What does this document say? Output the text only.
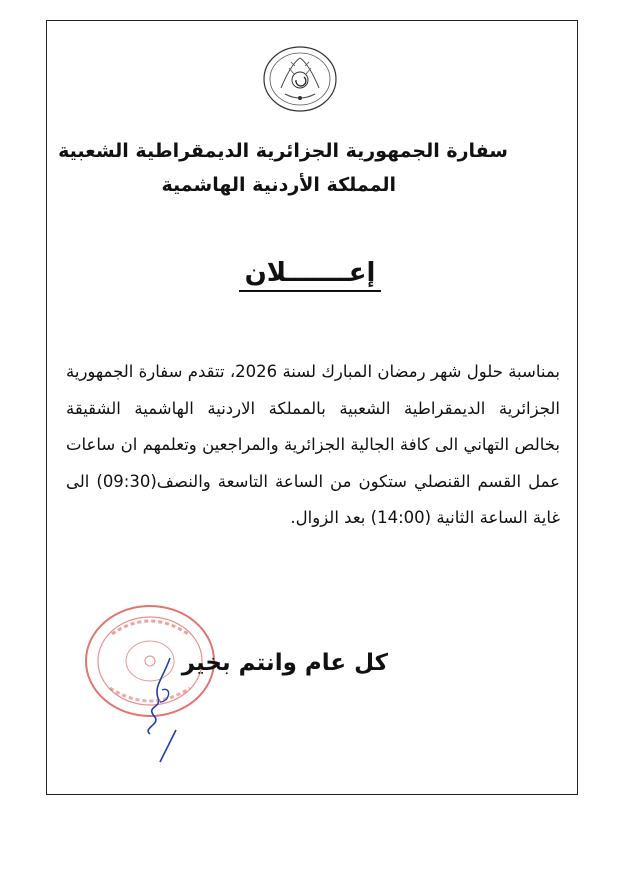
سفارة الجمهورية الجزائرية الديمقراطية الشعبية
المملكة الأردنية الهاشمية
إعـــــــلان
بمناسبة حلول شهر رمضان المبارك لسنة 2026، تتقدم سفارة الجمهورية الجزائرية الديمقراطية الشعبية بالمملكة الاردنية الهاشمية الشقيقة بخالص التهاني الى كافة الجالية الجزائرية والمراجعين وتعلمهم ان ساعات عمل القسم القنصلي ستكون من الساعة التاسعة والنصف(09:30) الى غاية الساعة الثانية (14:00) بعد الزوال.
كل عام وانتم بخير
